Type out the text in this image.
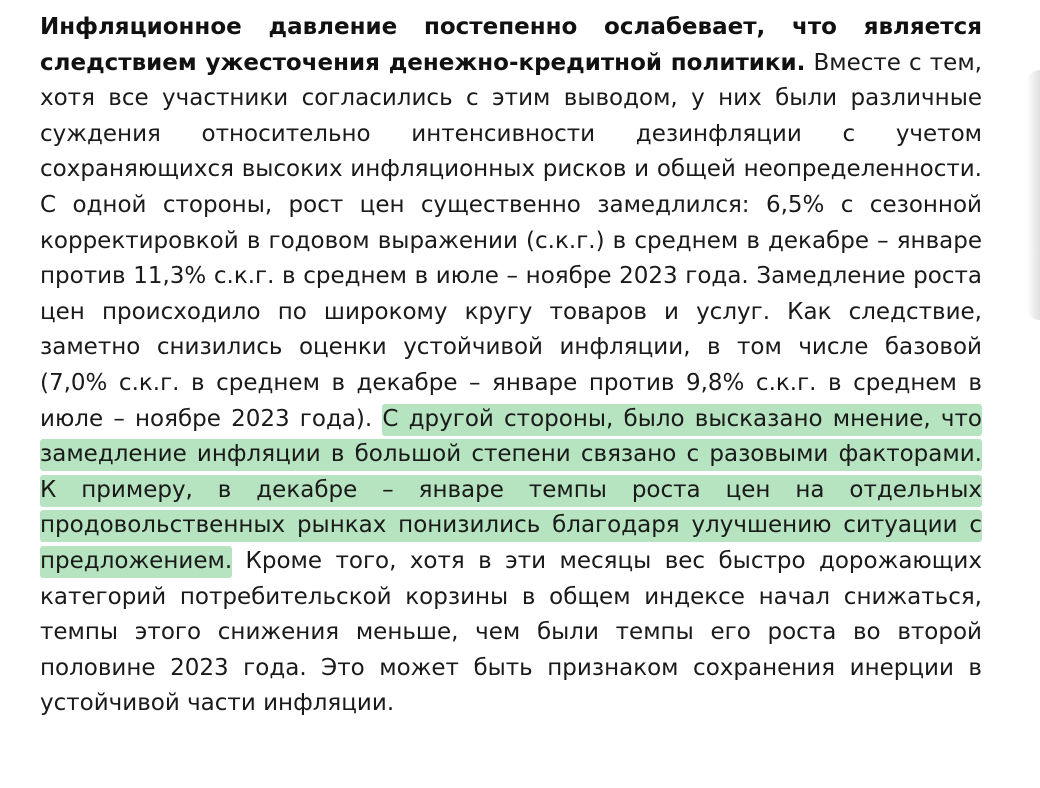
Инфляционное давление постепенно ослабевает, что является следствием ужесточения денежно-кредитной политики. Вместе с тем, хотя все участники согласились с этим выводом, у них были различные суждения относительно интенсивности дезинфляции с учетом сохраняющихся высоких инфляционных рисков и общей неопределенности. С одной стороны, рост цен существенно замедлился: 6,5% с сезонной корректировкой в годовом выражении (с.к.г.) в среднем в декабре – январе против 11,3% с.к.г. в среднем в июле – ноябре 2023 года. Замедление роста цен происходило по широкому кругу товаров и услуг. Как следствие, заметно снизились оценки устойчивой инфляции, в том числе базовой (7,0% с.к.г. в среднем в декабре – январе против 9,8% с.к.г. в среднем в июле – ноябре 2023 года). С другой стороны, было высказано мнение, что замедление инфляции в большой степени связано с разовыми факторами. К примеру, в декабре – январе темпы роста цен на отдельных продовольственных рынках понизились благодаря улучшению ситуации с предложением. Кроме того, хотя в эти месяцы вес быстро дорожающих категорий потребительской корзины в общем индексе начал снижаться, темпы этого снижения меньше, чем были темпы его роста во второй половине 2023 года. Это может быть признаком сохранения инерции в устойчивой части инфляции.
